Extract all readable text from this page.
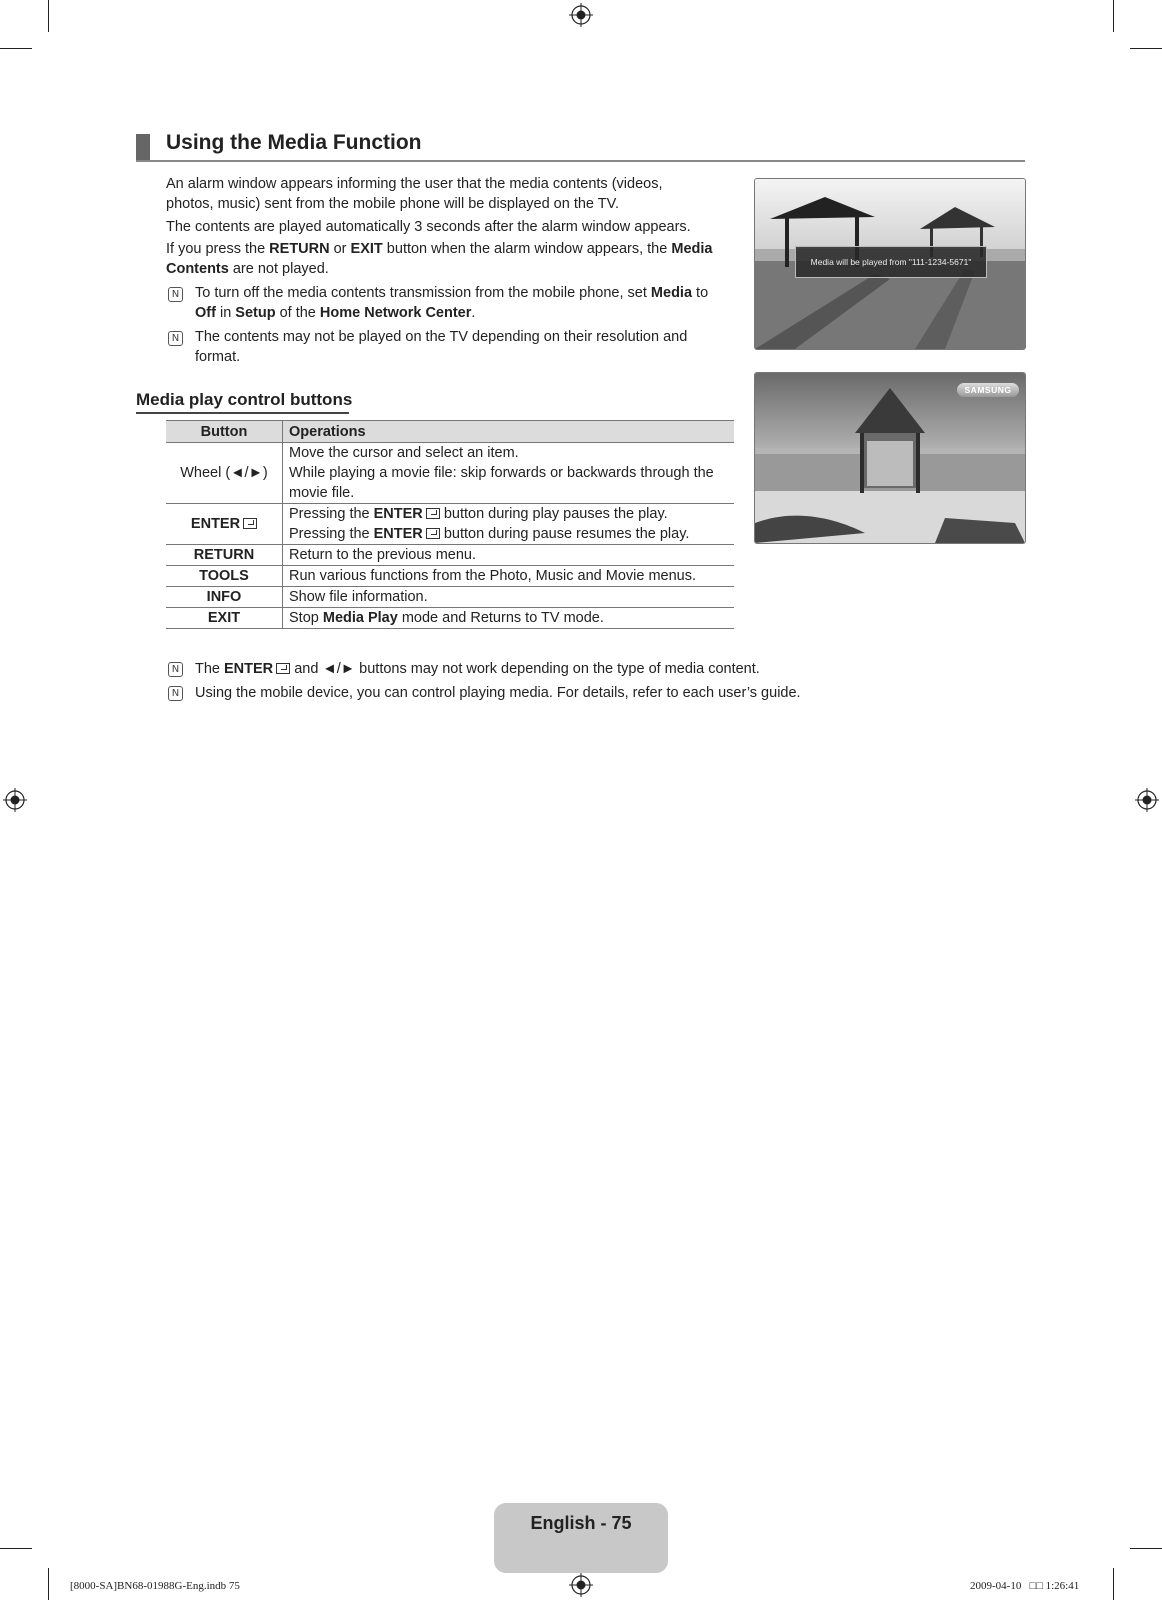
Using the Media Function
An alarm window appears informing the user that the media contents (videos,
photos, music) sent from the mobile phone will be displayed on the TV.
The contents are played automatically 3 seconds after the alarm window appears.
If you press the RETURN or EXIT button when the alarm window appears, the Media
Contents are not played.
N To turn off the media contents transmission from the mobile phone, set Media to
Off in Setup of the Home Network Center.
N The contents may not be played on the TV depending on their resolution and
format.
Media will be played from "111-1234-5671"
SAMSUNG
Media play control buttons
Button	Operations
Wheel (◄/►)	Move the cursor and select an item.
While playing a movie file: skip forwards or backwards through the
movie file.

ENTER	Pressing the ENTER button during play pauses the play.
Pressing the ENTER button during pause resumes the play.

RETURN	Return to the previous menu.
TOOLS	Run various functions from the Photo, Music and Movie menus.
INFO	Show file information.
EXIT	Stop Media Play mode and Returns to TV mode.
N The ENTER and ◄/► buttons may not work depending on the type of media content.
N Using the mobile device, you can control playing media. For details, refer to each user’s guide.
English - 75
[8000-SA]BN68-01988G-Eng.indb 75	2009-04-10   □□ 1:26:41
